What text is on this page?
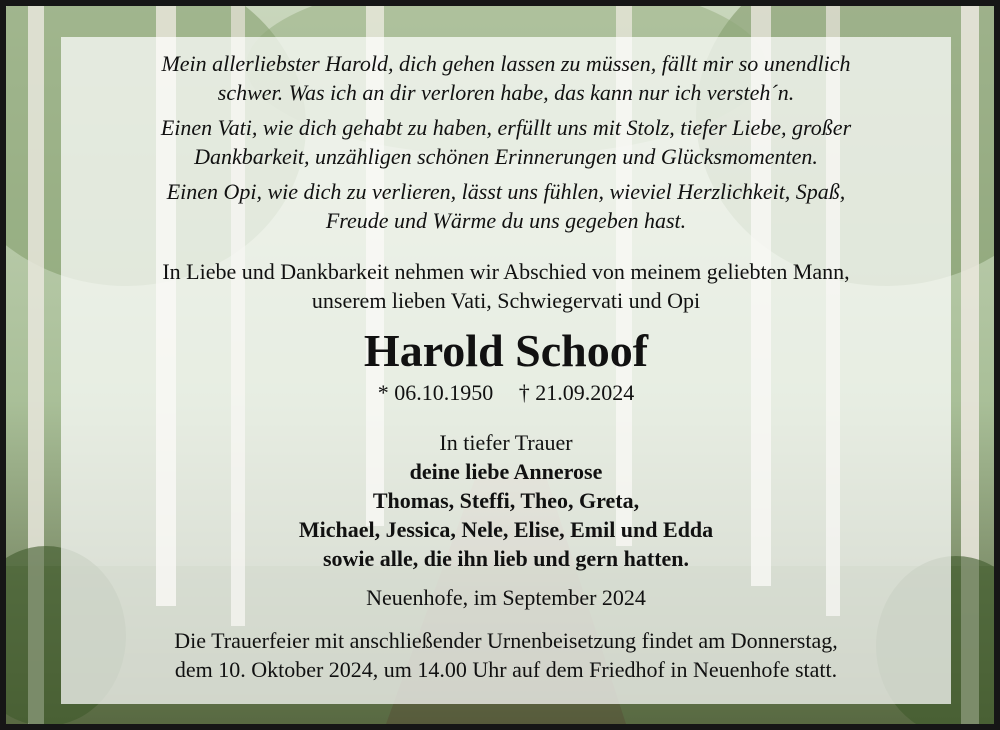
Mein allerliebster Harold, dich gehen lassen zu müssen, fällt mir so unendlich
schwer. Was ich an dir verloren habe, das kann nur ich versteh´n.

Einen Vati, wie dich gehabt zu haben, erfüllt uns mit Stolz, tiefer Liebe, großer
Dankbarkeit, unzähligen schönen Erinnerungen und Glücksmomenten.

Einen Opi, wie dich zu verlieren, lässt uns fühlen, wieviel Herzlichkeit, Spaß,
Freude und Wärme du uns gegeben hast.

In Liebe und Dankbarkeit nehmen wir Abschied von meinem geliebten Mann,
unserem lieben Vati, Schwiegervati und Opi

Harold Schoof

* 06.10.1950 † 21.09.2024

In tiefer Trauer

deine liebe Annerose
Thomas, Steffi, Theo, Greta,
Michael, Jessica, Nele, Elise, Emil und Edda
sowie alle, die ihn lieb und gern hatten.

Neuenhofe, im September 2024

Die Trauerfeier mit anschließender Urnenbeisetzung findet am Donnerstag,
dem 10. Oktober 2024, um 14.00 Uhr auf dem Friedhof in Neuenhofe statt.
